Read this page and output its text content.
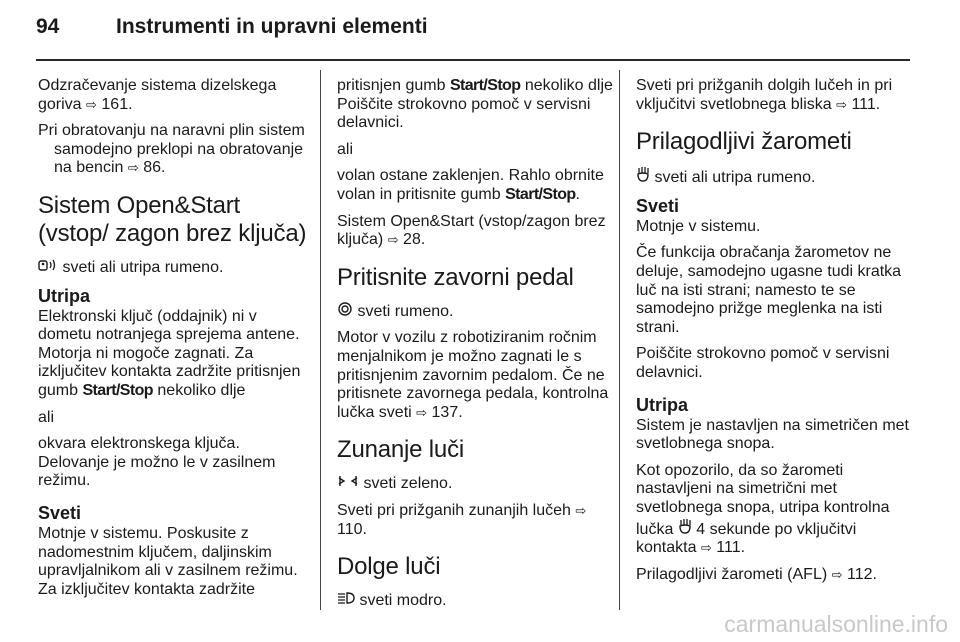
94	Instrumenti in upravni elementi

Odzračevanje sistema dizelskega goriva ⇨ 161.

Pri obratovanju na naravni plin sistem samodejno preklopi na obratovanje na bencin ⇨ 86.

Sistem Open&Start (vstop/ zagon brez ključa)

sveti ali utripa rumeno.

Utripa

Elektronski ključ (oddajnik) ni v dometu notranjega sprejema antene. Motorja ni mogoče zagnati. Za izključitev kontakta zadržite pritisnjen gumb Start/Stop nekoliko dlje

ali

okvara elektronskega ključa. Delovanje je možno le v zasilnem režimu.

Sveti

Motnje v sistemu. Poskusite z nadomestnim ključem, daljinskim upravljalnikom ali v zasilnem režimu. Za izključitev kontakta zadržite

pritisnjen gumb Start/Stop nekoliko dlje Poiščite strokovno pomoč v servisni delavnici.

ali

volan ostane zaklenjen. Rahlo obrnite volan in pritisnite gumb Start/Stop.

Sistem Open&Start (vstop/zagon brez ključa) ⇨ 28.

Pritisnite zavorni pedal

sveti rumeno.

Motor v vozilu z robotiziranim ročnim menjalnikom je možno zagnati le s pritisnjenim zavornim pedalom. Če ne pritisnete zavornega pedala, kontrolna lučka sveti ⇨ 137.

Zunanje luči

sveti zeleno.

Sveti pri prižganih zunanjih lučeh ⇨ 110.

Dolge luči

sveti modro.

Sveti pri prižganih dolgih lučeh in pri vključitvi svetlobnega bliska ⇨ 111.

Prilagodljivi žarometi

sveti ali utripa rumeno.

Sveti

Motnje v sistemu.

Če funkcija obračanja žarometov ne deluje, samodejno ugasne tudi kratka luč na isti strani; namesto te se samodejno prižge meglenka na isti strani.

Poiščite strokovno pomoč v servisni delavnici.

Utripa

Sistem je nastavljen na simetričen met svetlobnega snopa.

Kot opozorilo, da so žarometi nastavljeni na simetrični met svetlobnega snopa, utripa kontrolna lučka 4 sekunde po vključitvi kontakta ⇨ 111.

Prilagodljivi žarometi (AFL) ⇨ 112.

carmanualsonline.info
